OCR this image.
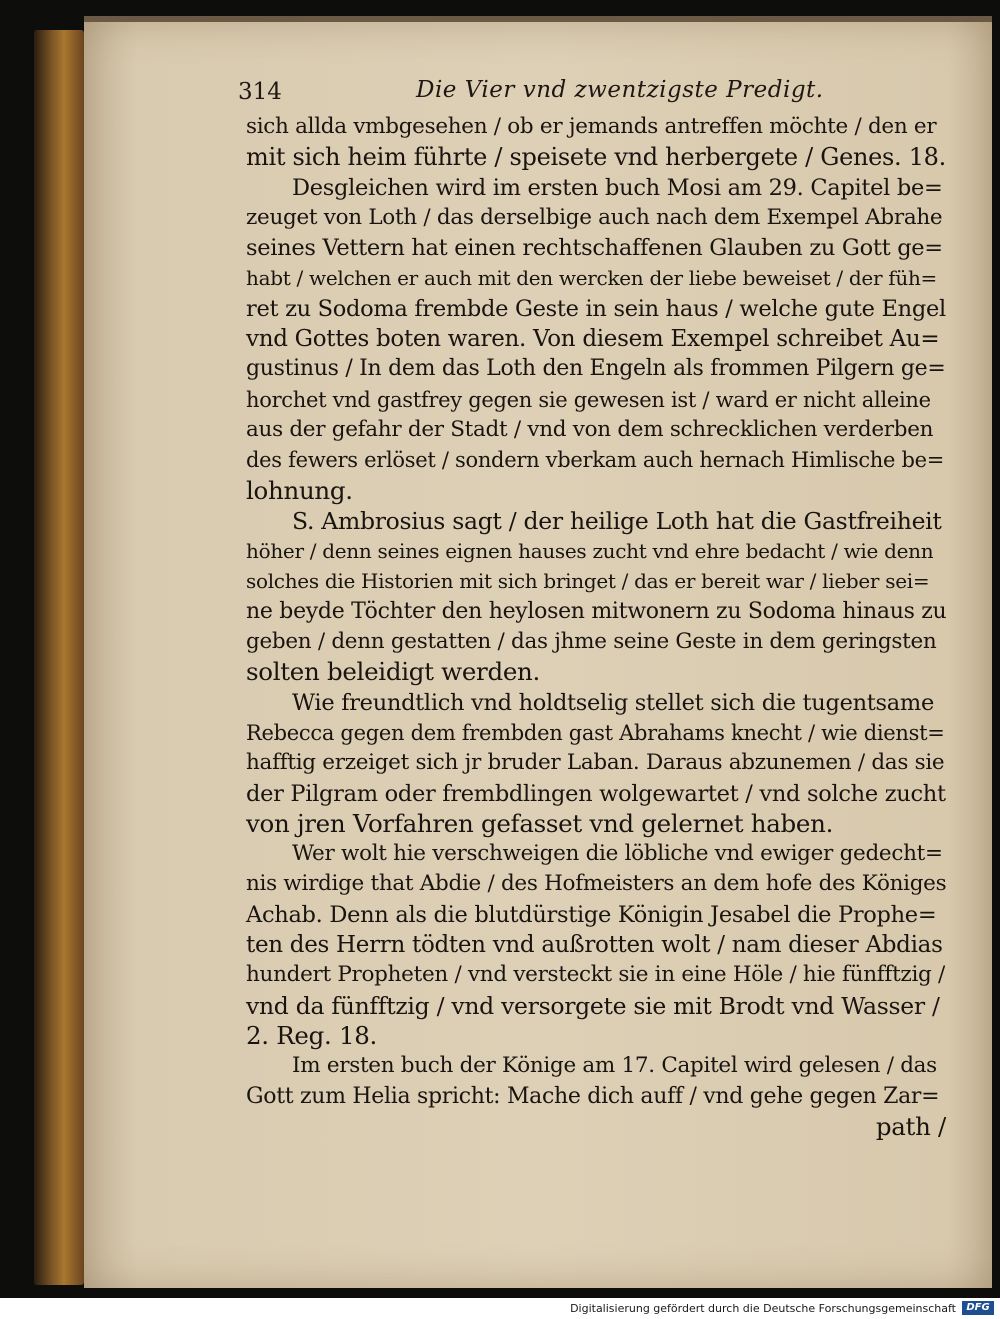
314	Die Vier vnd zwentzigste Predigt.
sich allda vmbgesehen / ob er jemands antreffen möchte / den er
mit sich heim führte / speisete vnd herbergete / Genes. 18.
Desgleichen wird im ersten buch Mosi am 29. Capitel be=
zeuget von Loth / das derselbige auch nach dem Exempel Abrahe
seines Vettern hat einen rechtschaffenen Glauben zu Gott ge=
habt / welchen er auch mit den wercken der liebe beweiset / der füh=
ret zu Sodoma frembde Geste in sein haus / welche gute Engel
vnd Gottes boten waren. Von diesem Exempel schreibet Au=
gustinus / In dem das Loth den Engeln als frommen Pilgern ge=
horchet vnd gastfrey gegen sie gewesen ist / ward er nicht alleine
aus der gefahr der Stadt / vnd von dem schrecklichen verderben
des fewers erlöset / sondern vberkam auch hernach Himlische be=
lohnung.
S. Ambrosius sagt / der heilige Loth hat die Gastfreiheit
höher / denn seines eignen hauses zucht vnd ehre bedacht / wie denn
solches die Historien mit sich bringet / das er bereit war / lieber sei=
ne beyde Töchter den heylosen mitwonern zu Sodoma hinaus zu
geben / denn gestatten / das jhme seine Geste in dem geringsten
solten beleidigt werden.
Wie freundtlich vnd holdtselig stellet sich die tugentsame
Rebecca gegen dem frembden gast Abrahams knecht / wie dienst=
hafftig erzeiget sich jr bruder Laban. Daraus abzunemen / das sie
der Pilgram oder frembdlingen wolgewartet / vnd solche zucht
von jren Vorfahren gefasset vnd gelernet haben.
Wer wolt hie verschweigen die löbliche vnd ewiger gedecht=
nis wirdige that Abdie / des Hofmeisters an dem hofe des Königes
Achab. Denn als die blutdürstige Königin Jesabel die Prophe=
ten des Herrn tödten vnd außrotten wolt / nam dieser Abdias
hundert Propheten / vnd versteckt sie in eine Höle / hie fünfftzig /
vnd da fünfftzig / vnd versorgete sie mit Brodt vnd Wasser /
2. Reg. 18.
Im ersten buch der Könige am 17. Capitel wird gelesen / das
Gott zum Helia spricht: Mache dich auff / vnd gehe gegen Zar=
path /
Digitalisierung gefördert durch die Deutsche Forschungsgemeinschaft	DFG
